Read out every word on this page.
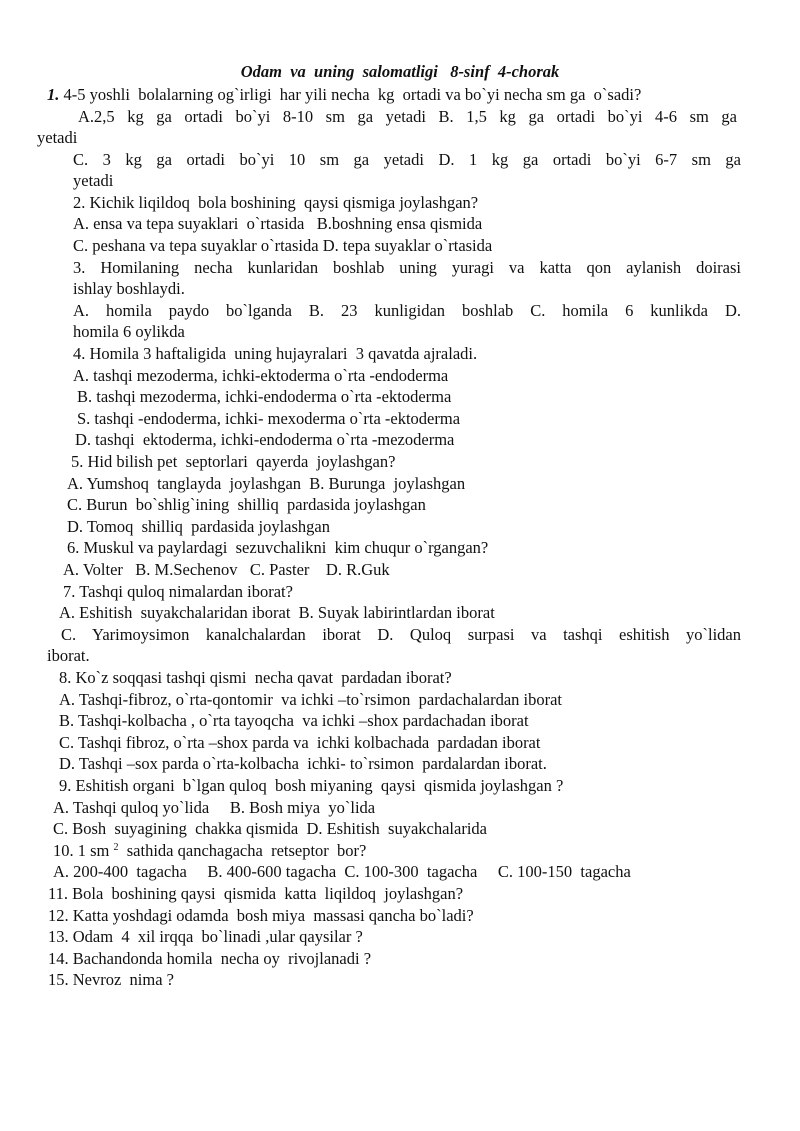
Odam  va  uning  salomatligi   8-sinf  4-chorak
1. 4-5 yoshli  bolalarning og`irligi  har yili necha  kg  ortadi va bo`yi necha sm ga  o`sadi?
A.2,5 kg ga ortadi bo`yi 8-10 sm ga yetadi B. 1,5 kg ga ortadi bo`yi 4-6 sm ga
yetadi
C. 3 kg ga ortadi bo`yi 10 sm ga yetadi D. 1 kg ga ortadi bo`yi 6-7 sm ga
yetadi
2. Kichik liqildoq  bola boshining  qaysi qismiga joylashgan?
A. ensa va tepa suyaklari  o`rtasida   B.boshning ensa qismida
C. peshana va tepa suyaklar o`rtasida D. tepa suyaklar o`rtasida
3. Homilaning necha kunlaridan boshlab uning yuragi va katta qon aylanish doirasi
ishlay boshlaydi.
A. homila paydo bo`lganda B. 23 kunligidan boshlab C. homila 6 kunlikda D.
homila 6 oylikda
4. Homila 3 haftaligida  uning hujayralari  3 qavatda ajraladi.
A. tashqi mezoderma, ichki-ektoderma o`rta -endoderma
B. tashqi mezoderma, ichki-endoderma o`rta -ektoderma
S. tashqi -endoderma, ichki- mexoderma o`rta -ektoderma
D. tashqi  ektoderma, ichki-endoderma o`rta -mezoderma
5. Hid bilish pet  septorlari  qayerda  joylashgan?
A. Yumshoq  tanglayda  joylashgan  B. Burunga  joylashgan
C. Burun  bo`shlig`ining  shilliq  pardasida joylashgan
D. Tomoq  shilliq  pardasida joylashgan
6. Muskul va paylardagi  sezuvchalikni  kim chuqur o`rgangan?
A. Volter   B. M.Sechenov   C. Paster    D. R.Guk
7. Tashqi quloq nimalardan iborat?
A. Eshitish  suyakchalaridan iborat  B. Suyak labirintlardan iborat
C. Yarimoysimon kanalchalardan iborat D. Quloq surpasi va tashqi eshitish yo`lidan
iborat.
8. Ko`z soqqasi tashqi qismi  necha qavat  pardadan iborat?
A. Tashqi-fibroz, o`rta-qontomir  va ichki –to`rsimon  pardachalardan iborat
B. Tashqi-kolbacha , o`rta tayoqcha  va ichki –shox pardachadan iborat
C. Tashqi fibroz, o`rta –shox parda va  ichki kolbachada  pardadan iborat
D. Tashqi –sox parda o`rta-kolbacha  ichki- to`rsimon  pardalardan iborat.
9. Eshitish organi  b`lgan quloq  bosh miyaning  qaysi  qismida joylashgan ?
A. Tashqi quloq yo`lida     B. Bosh miya  yo`lida
C. Bosh  suyagining  chakka qismida  D. Eshitish  suyakchalarida
10. 1 sm $^2$  sathida qanchagacha  retseptor  bor?
A. 200-400  tagacha     B. 400-600 tagacha  C. 100-300  tagacha     C. 100-150  tagacha
11. Bola  boshining qaysi  qismida  katta  liqildoq  joylashgan?
12. Katta yoshdagi odamda  bosh miya  massasi qancha bo`ladi?
13. Odam  4  xil irqqa  bo`linadi ,ular qaysilar ?
14. Bachandonda homila  necha oy  rivojlanadi ?
15. Nevroz  nima ?
